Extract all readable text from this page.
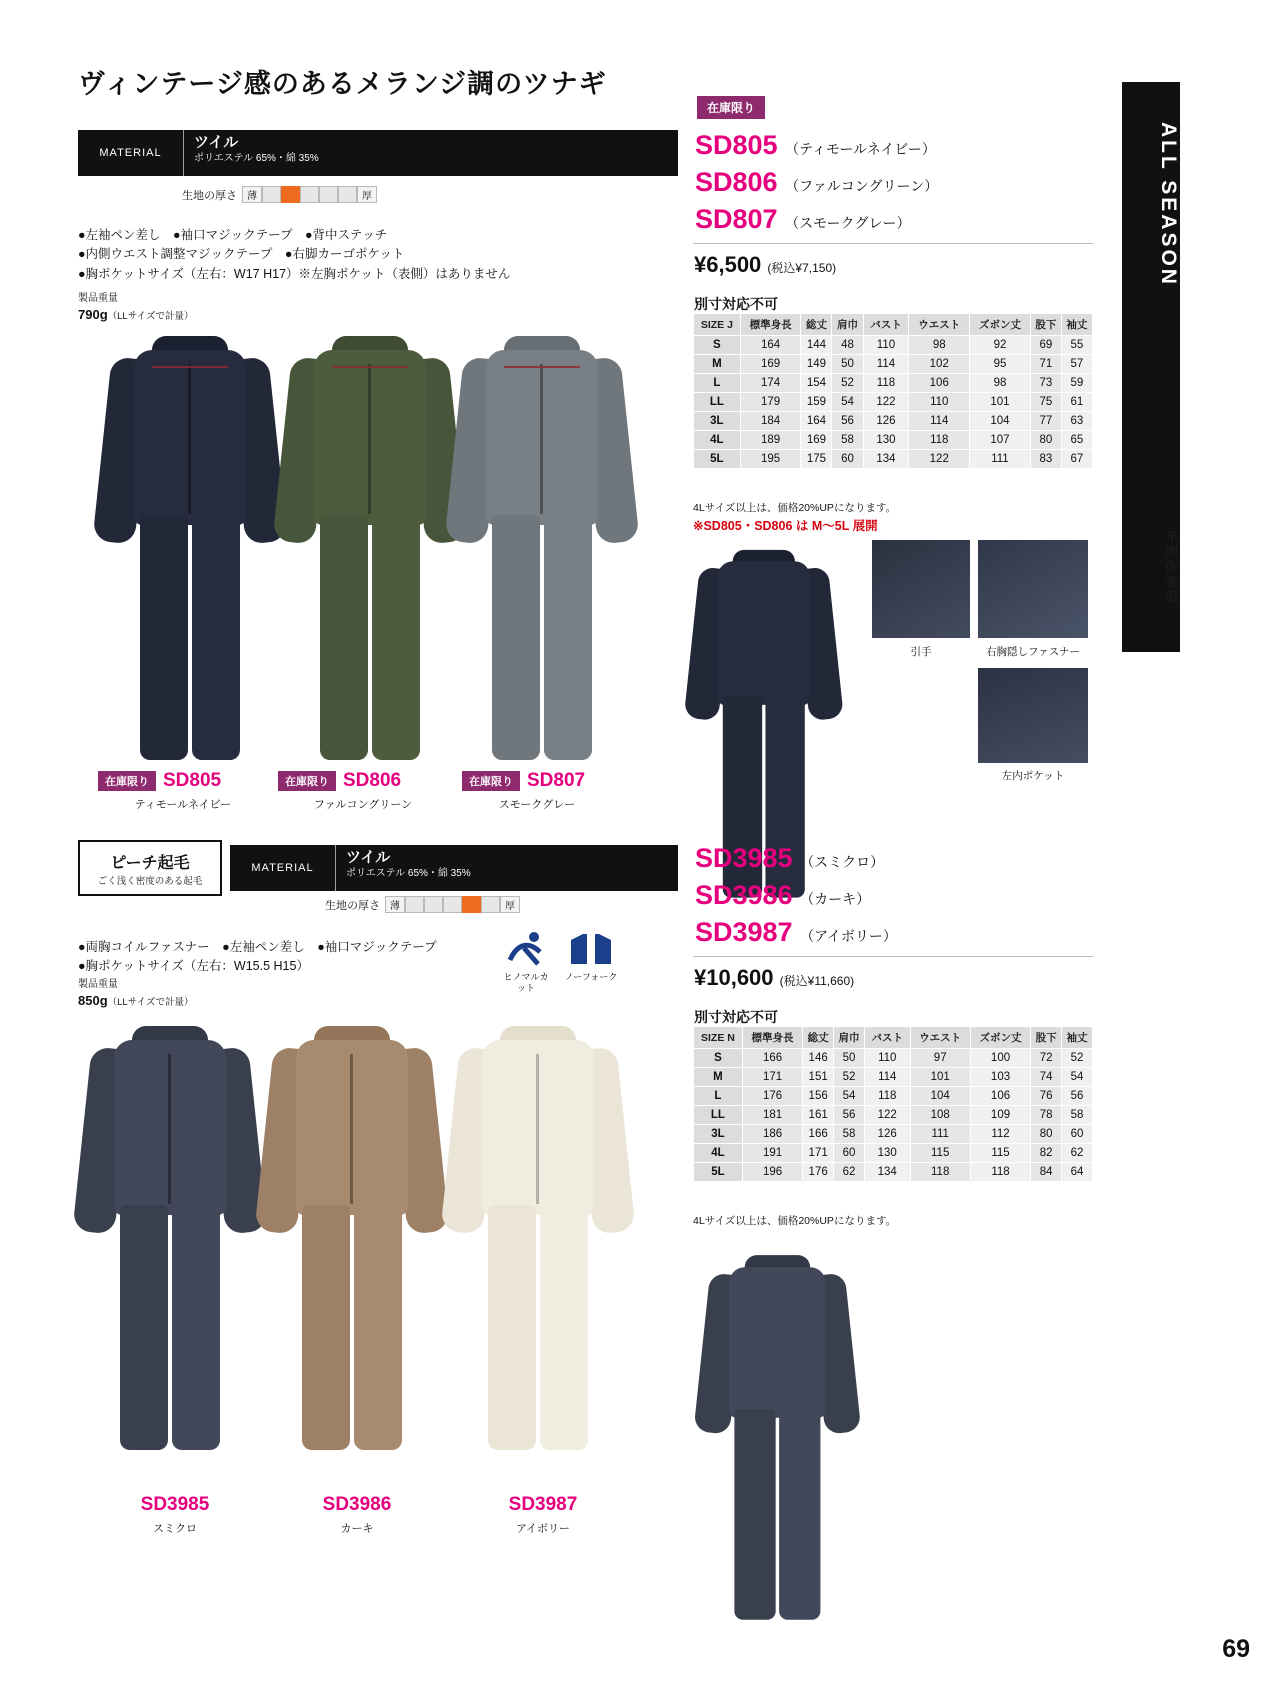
ALL SEASON
年間作業服
69
ヴィンテージ感のあるメランジ調のツナギ
MATERIAL
ツイル
ポリエステル 65%・綿 35%
生地の厚さ	薄	厚
●左袖ペン差し　●袖口マジックテープ　●背中ステッチ
●内側ウエスト調整マジックテープ　●右脚カーゴポケット
●胸ポケットサイズ（左右：W17 H17）※左胸ポケット（表側）はありません
製品重量
790g（LLサイズで計量）
在庫限り SD805
ティモールネイビー
在庫限り SD806
ファルコングリーン
在庫限り SD807
スモークグレー
在庫限り
SD805 （ティモールネイビー）
SD806 （ファルコングリーン）
SD807 （スモークグレー）
¥6,500 (税込¥7,150)
別寸対応不可
SIZE J	標準身長	総丈	肩巾	バスト	ウエスト	ズボン丈	股下	袖丈
S	164	144	48	110	98	92	69	55
M	169	149	50	114	102	95	71	57
L	174	154	52	118	106	98	73	59
LL	179	159	54	122	110	101	75	61
3L	184	164	56	126	114	104	77	63
4L	189	169	58	130	118	107	80	65
5L	195	175	60	134	122	111	83	67
4Lサイズ以上は、価格20%UPになります。
※SD805・SD806 は M〜5L 展開
引手	右胸隠しファスナー
左内ポケット
ピーチ起毛
ごく浅く密度のある起毛
MATERIAL
ツイル
ポリエステル 65%・綿 35%
生地の厚さ	薄	厚
●両胸コイルファスナー　●左袖ペン差し　●袖口マジックテープ
●胸ポケットサイズ（左右：W15.5 H15）
製品重量
850g（LLサイズで計量）
ヒノマルカット
ノーフォーク
SD3985
スミクロ
SD3986
カーキ
SD3987
アイボリー
SD3985 （スミクロ）
SD3986 （カーキ）
SD3987 （アイボリー）
¥10,600 (税込¥11,660)
別寸対応不可
SIZE N	標準身長	総丈	肩巾	バスト	ウエスト	ズボン丈	股下	袖丈
S	166	146	50	110	97	100	72	52
M	171	151	52	114	101	103	74	54
L	176	156	54	118	104	106	76	56
LL	181	161	56	122	108	109	78	58
3L	186	166	58	126	111	112	80	60
4L	191	171	60	130	115	115	82	62
5L	196	176	62	134	118	118	84	64
4Lサイズ以上は、価格20%UPになります。
